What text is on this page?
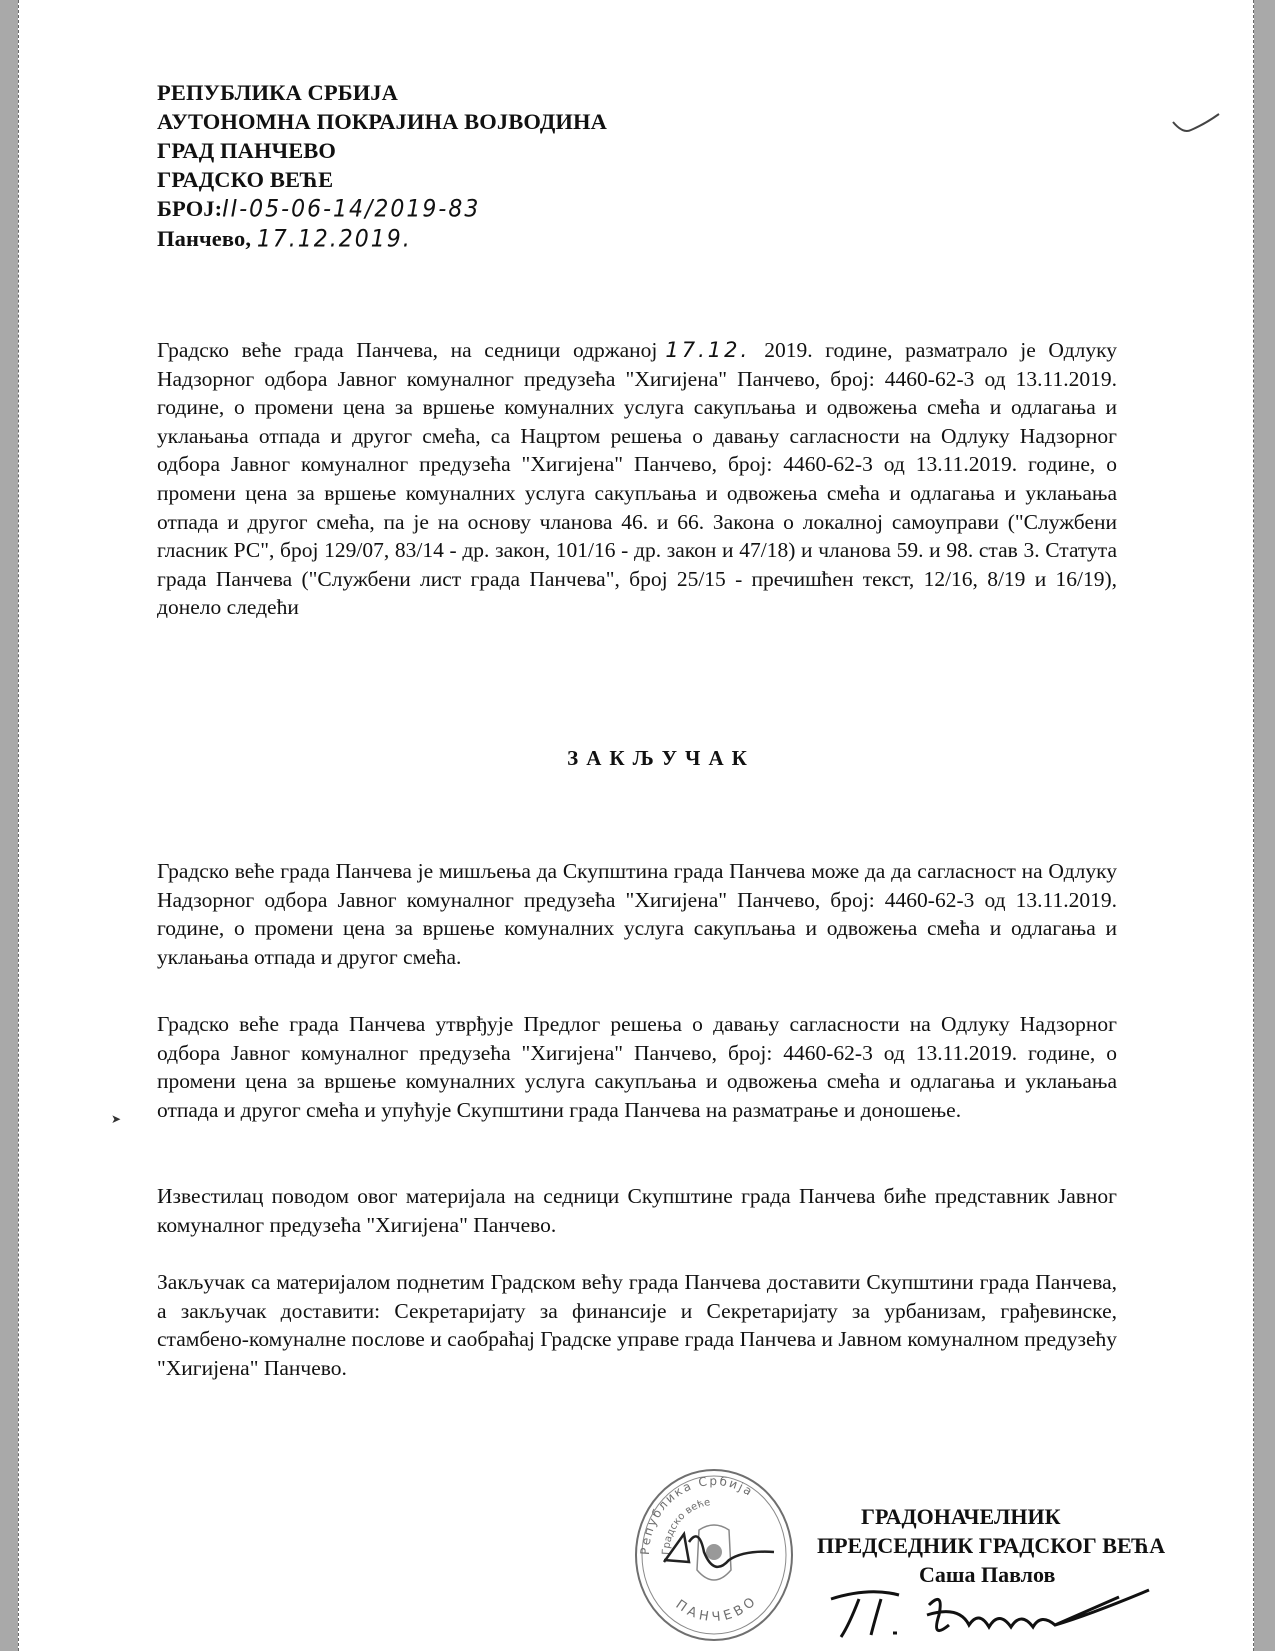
РЕПУБЛИКА СРБИЈА
АУТОНОМНА ПОКРАЈИНА ВОЈВОДИНА
ГРАД ПАНЧЕВО
ГРАДСКО ВЕЋЕ
БРОЈ:II-05-06-14/2019-83
Панчево, 17.12.2019.
Градско веће града Панчева, на седници одржаној 17.12. 2019. године, разматрало је Одлуку Надзорног одбора Јавног комуналног предузећа "Хигијена" Панчево, број: 4460-62-3 од 13.11.2019. године, о промени цена за вршење комуналних услуга сакупљања и одвожења смећа и одлагања и уклањања отпада и другог смећа, са Нацртом решења о давању сагласности на Одлуку Надзорног одбора Јавног комуналног предузећа "Хигијена" Панчево, број: 4460-62-3 од 13.11.2019. године, о промени цена за вршење комуналних услуга сакупљања и одвожења смећа и одлагања и уклањања отпада и другог смећа, па је на основу чланова 46. и 66. Закона о локалној самоуправи ("Службени гласник РС", број 129/07, 83/14 - др. закон, 101/16 - др. закон и 47/18) и чланова 59. и 98. став 3. Статута града Панчева ("Службени лист града Панчева", број 25/15 - пречишћен текст, 12/16, 8/19 и 16/19), донело следећи
ЗАКЉУЧАК
Градско веће града Панчева је мишљења да Скупштина града Панчева може да да сагласност на Одлуку Надзорног одбора Јавног комуналног предузећа "Хигијена" Панчево, број: 4460-62-3 од 13.11.2019. године, о промени цена за вршење комуналних услуга сакупљања и одвожења смећа и одлагања и уклањања отпада и другог смећа.
Градско веће града Панчева утврђује Предлог решења о давању сагласности на Одлуку Надзорног одбора Јавног комуналног предузећа "Хигијена" Панчево, број: 4460-62-3 од 13.11.2019. године, о промени цена за вршење комуналних услуга сакупљања и одвожења смећа и одлагања и уклањања отпада и другог смећа и упућује Скупштини града Панчева на разматрање и доношење.
➤
Известилац поводом овог материјала на седници Скупштине града Панчева биће представник Јавног комуналног предузећа "Хигијена" Панчево.
Закључак са материјалом поднетим Градском већу града Панчева доставити Скупштини града Панчева, а закључак доставити: Секретаријату за финансије и Секретаријату за урбанизам, грађевинске, стамбено-комуналне послове и саобраћај Градске управе града Панчева и Јавном комуналном предузећу "Хигијена" Панчево.
Република Србија
Градско веће
ПАНЧЕВО
ГРАДОНАЧЕЛНИК
ПРЕДСЕДНИК ГРАДСКОГ ВЕЋА
Саша Павлов
